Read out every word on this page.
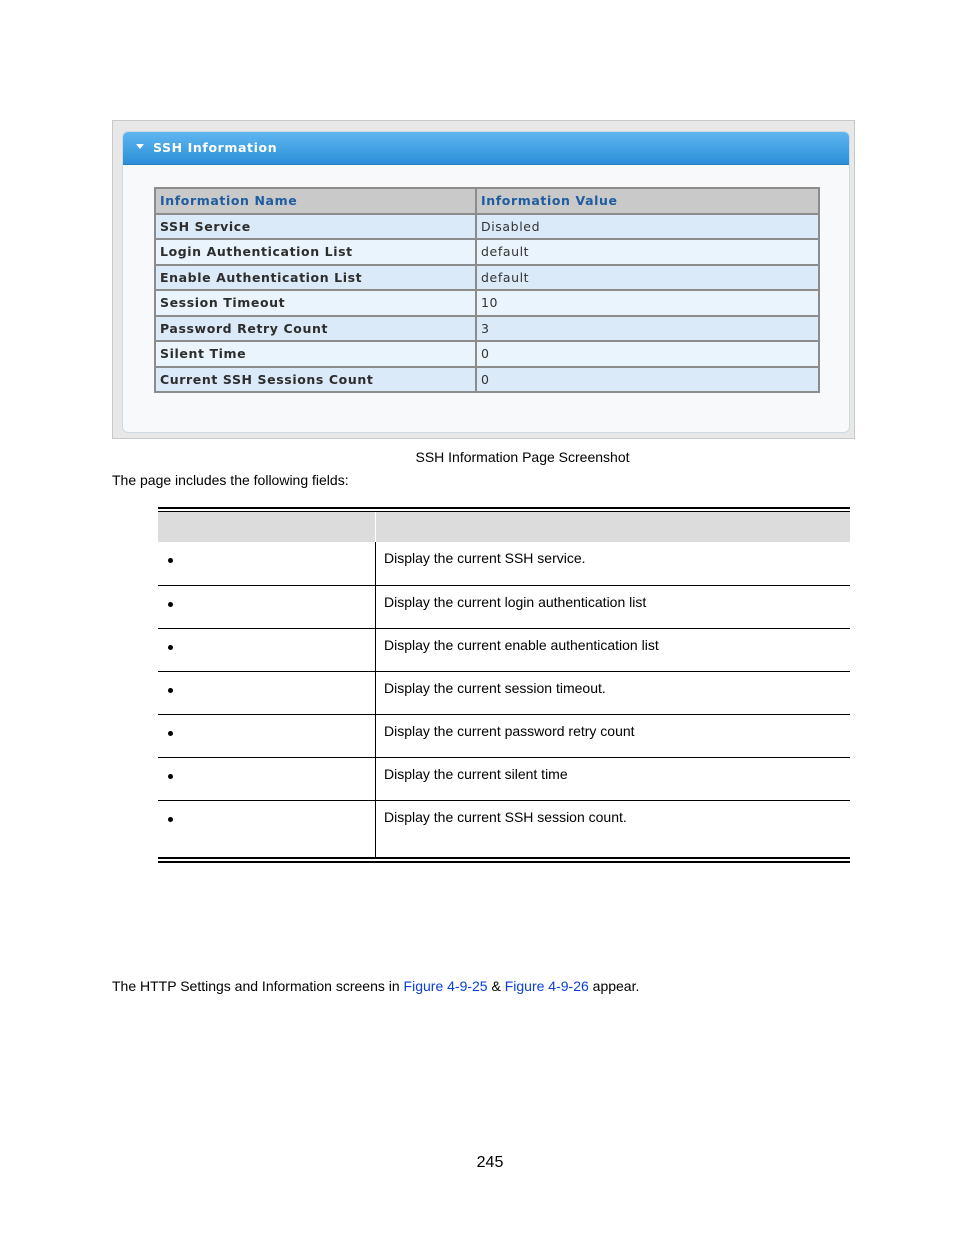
SSH Information
Information Name	Information Value
SSH Service	Disabled
Login Authentication List	default
Enable Authentication List	default
Session Timeout	10
Password Retry Count	3
Silent Time	0
Current SSH Sessions Count	0
SSH Information Page Screenshot
The page includes the following fields:
Display the current SSH service.
Display the current login authentication list
Display the current enable authentication list
Display the current session timeout.
Display the current password retry count
Display the current silent time
Display the current SSH session count.
The HTTP Settings and Information screens in Figure 4-9-25 & Figure 4-9-26 appear.
245
